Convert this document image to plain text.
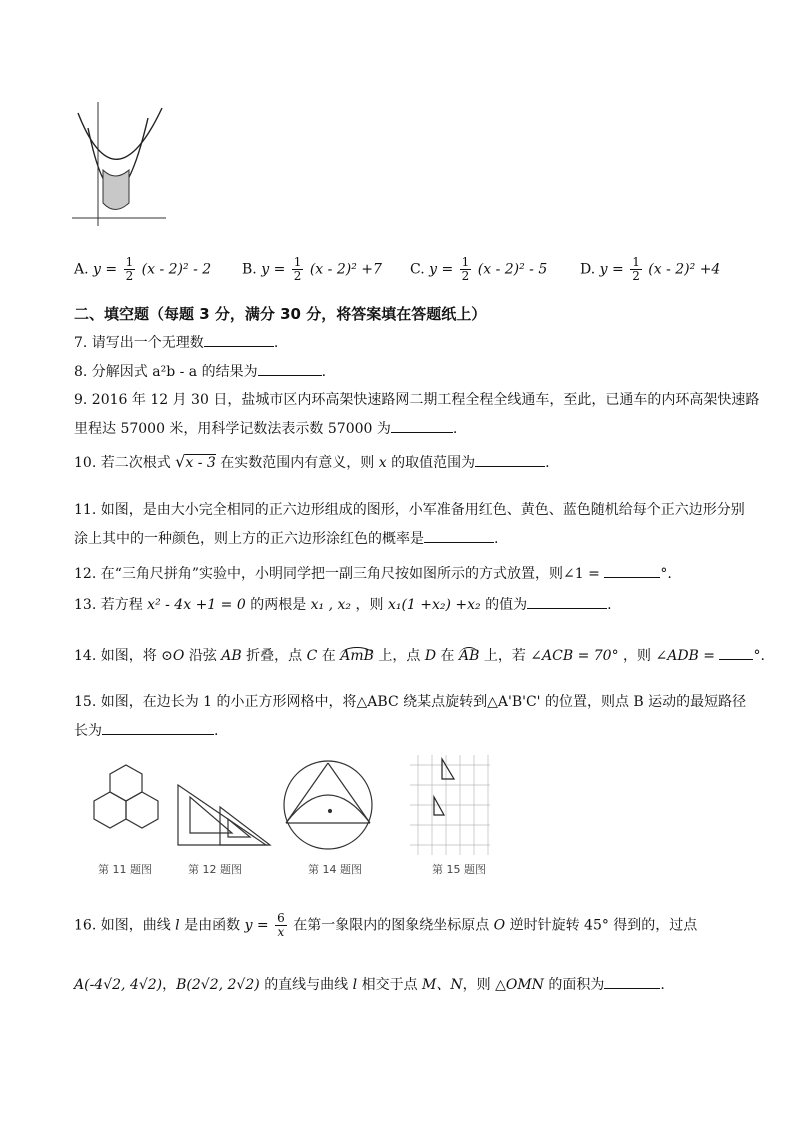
A. $y = \frac{1}{2} (x - 2)^2 - 2$ B. $y = \frac{1}{2} (x - 2)^2 +7$ C. $y = \frac{1}{2} (x - 2)^2 - 5$ D. $y = \frac{1}{2} (x - 2)^2 +4$
二、填空题（每题 3 分，满分 30 分，将答案填在答题纸上）
7. 请写出一个无理数	.
8. 分解因式 a²b - a 的结果为	.
9. 2016 年 12 月 30 日，盐城市区内环高架快速路网二期工程全程全线通车，至此，已通车的内环高架快速路
里程达 57000 米，用科学记数法表示数 57000 为	.
10. 若二次根式 √x - 3 在实数范围内有意义，则 x 的取值范围为	.
11. 如图，是由大小完全相同的正六边形组成的图形，小军准备用红色、黄色、蓝色随机给每个正六边形分别
涂上其中的一种颜色，则上方的正六边形涂红色的概率是	.
12. 在“三角尺拼角”实验中，小明同学把一副三角尺按如图所示的方式放置，则∠1 =	°.
13. 若方程 x² - 4x +1 = 0 的两根是 x₁ , x₂ ，则 x₁(1 +x₂) +x₂ 的值为	.
14. 如图，将 ⊙O 沿弦 AB 折叠，点 C 在 AmB 上，点 D 在 AB 上，若 ∠ACB = 70° ，则 ∠ADB =	°.
15. 如图，在边长为 1 的小正方形网格中，将△ABC 绕某点旋转到△A'B'C' 的位置，则点 B 运动的最短路径
长为	.
第 11 题图	第 12 题图	第 14 题图	第 15 题图
16. 如图，曲线 l 是由函数 $y = \frac{6}{x}$ 在第一象限内的图象绕坐标原点 O 逆时针旋转 45° 得到的，过点
A(-4√2, 4√2)，B(2√2, 2√2) 的直线与曲线 l 相交于点 M、N，则 △OMN 的面积为	.
